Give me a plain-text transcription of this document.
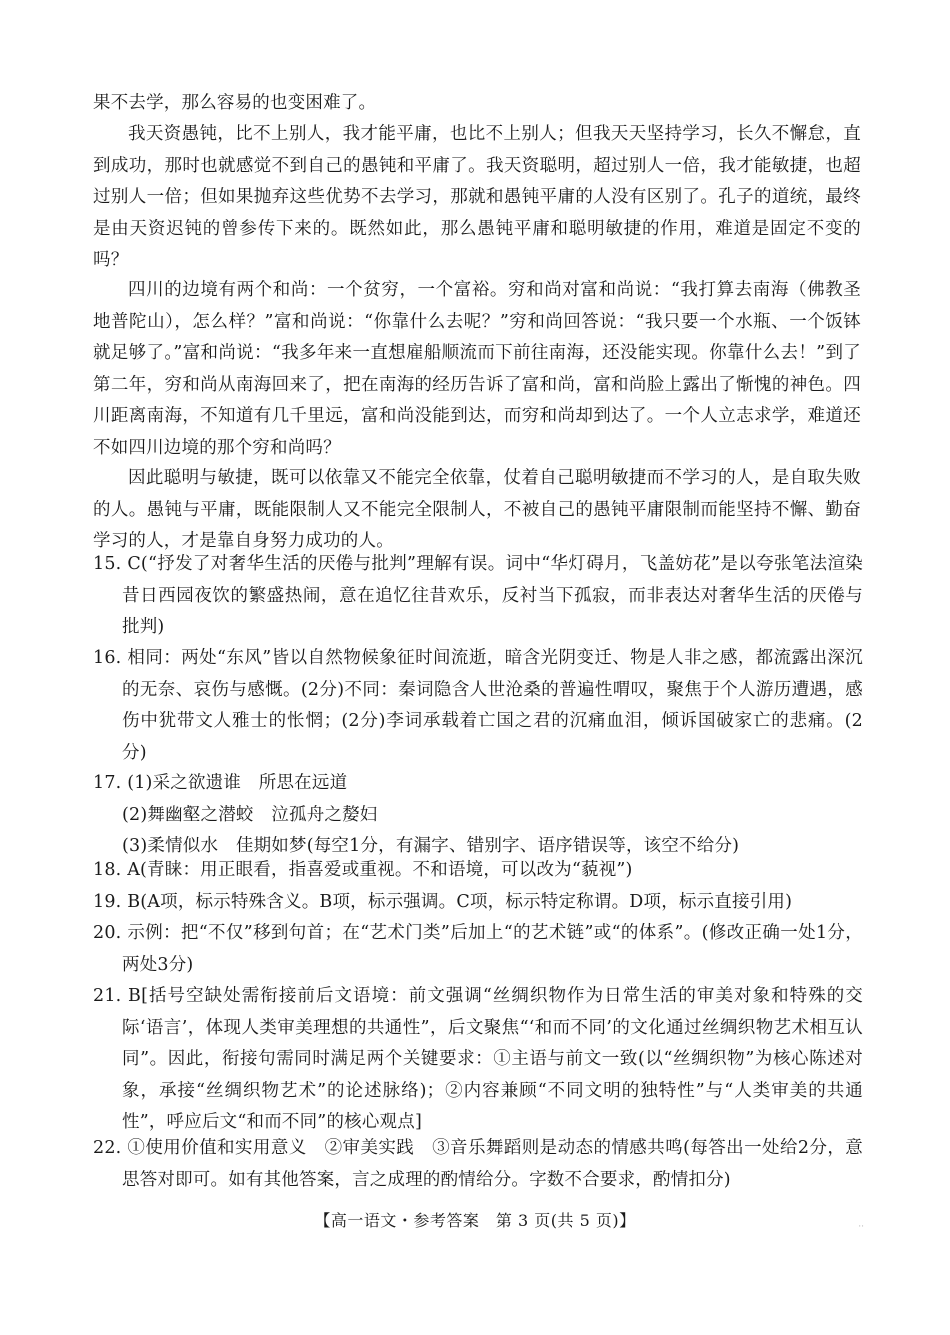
果不去学，那么容易的也变困难了。

我天资愚钝，比不上别人，我才能平庸，也比不上别人；但我天天坚持学习，长久不懈怠，直到成功，那时也就感觉不到自己的愚钝和平庸了。我天资聪明，超过别人一倍，我才能敏捷，也超过别人一倍；但如果抛弃这些优势不去学习，那就和愚钝平庸的人没有区别了。孔子的道统，最终是由天资迟钝的曾参传下来的。既然如此，那么愚钝平庸和聪明敏捷的作用，难道是固定不变的吗？

四川的边境有两个和尚：一个贫穷，一个富裕。穷和尚对富和尚说：“我打算去南海（佛教圣地普陀山），怎么样？”富和尚说：“你靠什么去呢？”穷和尚回答说：“我只要一个水瓶、一个饭钵就足够了。”富和尚说：“我多年来一直想雇船顺流而下前往南海，还没能实现。你靠什么去！”到了第二年，穷和尚从南海回来了，把在南海的经历告诉了富和尚，富和尚脸上露出了惭愧的神色。四川距离南海，不知道有几千里远，富和尚没能到达，而穷和尚却到达了。一个人立志求学，难道还不如四川边境的那个穷和尚吗？

因此聪明与敏捷，既可以依靠又不能完全依靠，仗着自己聪明敏捷而不学习的人，是自取失败的人。愚钝与平庸，既能限制人又不能完全限制人，不被自己的愚钝平庸限制而能坚持不懈、勤奋学习的人，才是靠自身努力成功的人。

15. C(“抒发了对奢华生活的厌倦与批判”理解有误。词中“华灯碍月，飞盖妨花”是以夸张笔法渲染昔日西园夜饮的繁盛热闹，意在追忆往昔欢乐，反衬当下孤寂，而非表达对奢华生活的厌倦与批判)

16. 相同：两处“东风”皆以自然物候象征时间流逝，暗含光阴变迁、物是人非之感，都流露出深沉的无奈、哀伤与感慨。(2分)不同：秦词隐含人世沧桑的普遍性喟叹，聚焦于个人游历遭遇，感伤中犹带文人雅士的怅惘；(2分)李词承载着亡国之君的沉痛血泪，倾诉国破家亡的悲痛。(2分)

17. (1)采之欲遗谁　所思在远道
(2)舞幽壑之潜蛟　泣孤舟之嫠妇
(3)柔情似水　佳期如梦(每空1分，有漏字、错别字、语序错误等，该空不给分)

18. A(青睐：用正眼看，指喜爱或重视。不和语境，可以改为“藐视”)

19. B(A项，标示特殊含义。B项，标示强调。C项，标示特定称谓。D项，标示直接引用)

20. 示例：把“不仅”移到句首；在“艺术门类”后加上“的艺术链”或“的体系”。(修改正确一处1分，两处3分)

21. B[括号空缺处需衔接前后文语境：前文强调“丝绸织物作为日常生活的审美对象和特殊的交际‘语言’，体现人类审美理想的共通性”，后文聚焦“‘和而不同’的文化通过丝绸织物艺术相互认同”。因此，衔接句需同时满足两个关键要求：①主语与前文一致(以“丝绸织物”为核心陈述对象，承接“丝绸织物艺术”的论述脉络)；②内容兼顾“不同文明的独特性”与“人类审美的共通性”，呼应后文“和而不同”的核心观点]

22. ①使用价值和实用意义　②审美实践　③音乐舞蹈则是动态的情感共鸣(每答出一处给2分，意思答对即可。如有其他答案，言之成理的酌情给分。字数不合要求，酌情扣分)

【高一语文・参考答案　第 3 页(共 5 页)】	··
